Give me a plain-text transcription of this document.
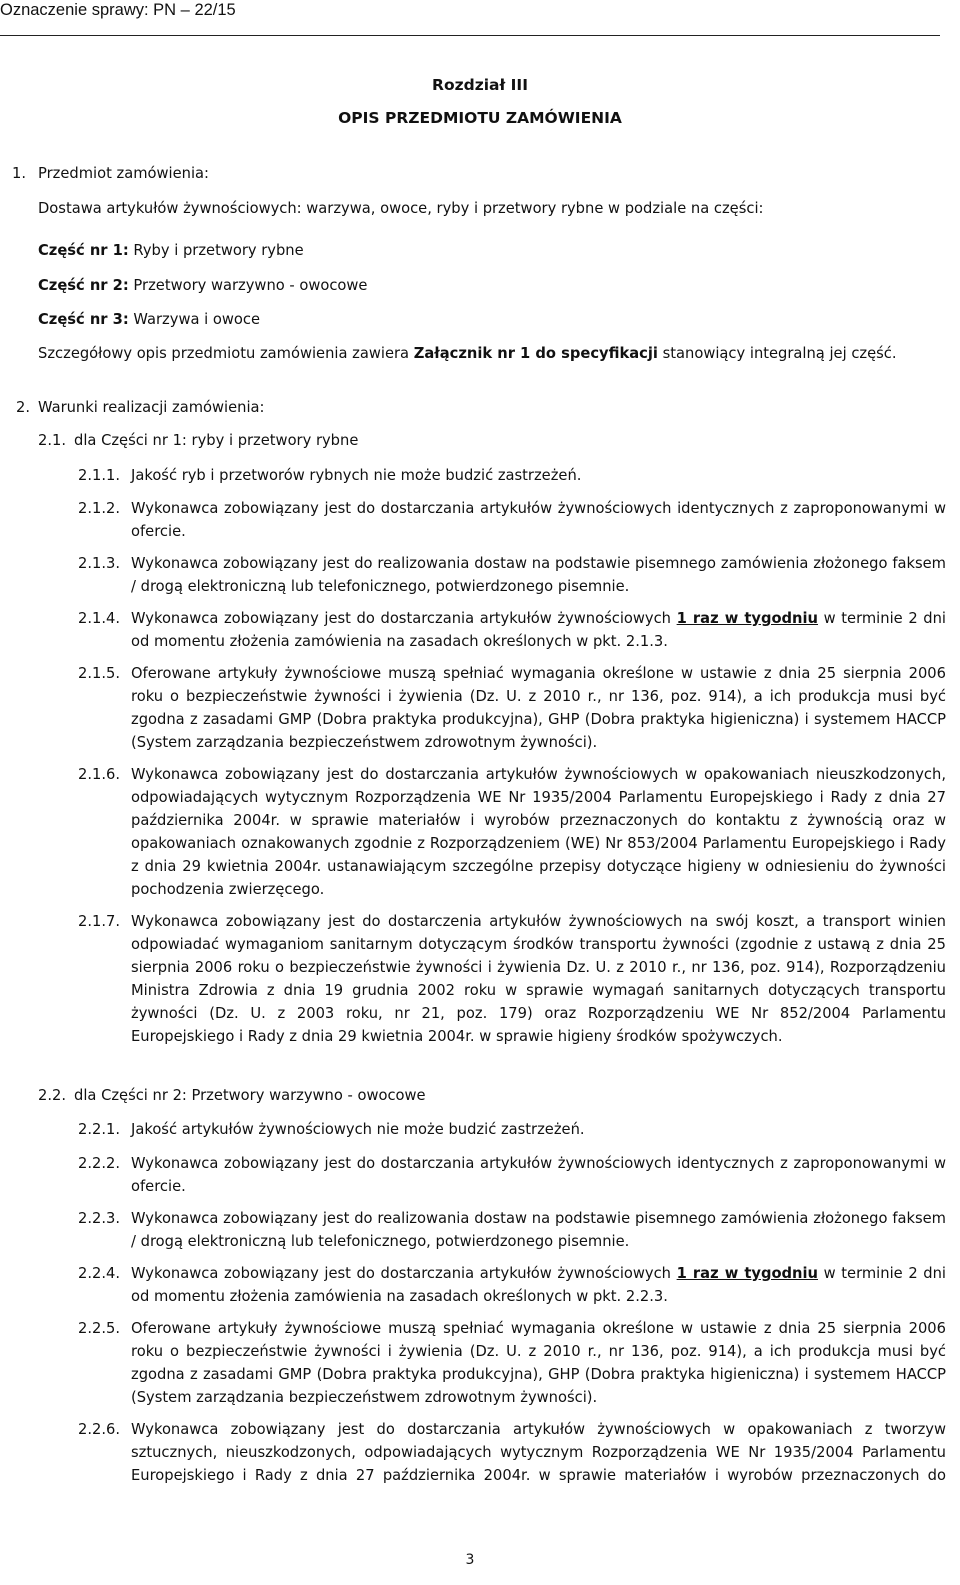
Oznaczenie sprawy: PN – 22/15
Rozdział III
OPIS PRZEDMIOTU ZAMÓWIENIA
1. Przedmiot zamówienia:
Dostawa artykułów żywnościowych: warzywa, owoce, ryby i przetwory rybne w podziale na części:
Część nr 1: Ryby i przetwory rybne
Część nr 2: Przetwory warzywno - owocowe
Część nr 3: Warzywa i owoce
Szczegółowy opis przedmiotu zamówienia zawiera Załącznik nr 1 do specyfikacji stanowiący integralną jej część.
2. Warunki realizacji zamówienia:
2.1. dla Części nr 1: ryby i przetwory rybne
2.1.1. Jakość ryb i przetworów rybnych nie może budzić zastrzeżeń.
2.1.2. Wykonawca zobowiązany jest do dostarczania artykułów żywnościowych identycznych z zaproponowanymi w ofercie.
2.1.3. Wykonawca zobowiązany jest do realizowania dostaw na podstawie pisemnego zamówienia złożonego faksem / drogą elektroniczną lub telefonicznego, potwierdzonego pisemnie.
2.1.4. Wykonawca zobowiązany jest do dostarczania artykułów żywnościowych 1 raz w tygodniu w terminie 2 dni od momentu złożenia zamówienia na zasadach określonych w pkt. 2.1.3.
2.1.5. Oferowane artykuły żywnościowe muszą spełniać wymagania określone w ustawie z dnia 25 sierpnia 2006 roku o bezpieczeństwie żywności i żywienia (Dz. U. z 2010 r., nr 136, poz. 914), a ich produkcja musi być zgodna z zasadami GMP (Dobra praktyka produkcyjna), GHP (Dobra praktyka higieniczna) i systemem HACCP (System zarządzania bezpieczeństwem zdrowotnym żywności).
2.1.6. Wykonawca zobowiązany jest do dostarczania artykułów żywnościowych w opakowaniach nieuszkodzonych, odpowiadających wytycznym Rozporządzenia WE Nr 1935/2004 Parlamentu Europejskiego i Rady z dnia 27 października 2004r. w sprawie materiałów i wyrobów przeznaczonych do kontaktu z żywnością oraz w opakowaniach oznakowanych zgodnie z Rozporządzeniem (WE) Nr 853/2004 Parlamentu Europejskiego i Rady z dnia 29 kwietnia 2004r. ustanawiającym szczególne przepisy dotyczące higieny w odniesieniu do żywności pochodzenia zwierzęcego.
2.1.7. Wykonawca zobowiązany jest do dostarczenia artykułów żywnościowych na swój koszt, a transport winien odpowiadać wymaganiom sanitarnym dotyczącym środków transportu żywności (zgodnie z ustawą z dnia 25 sierpnia 2006 roku o bezpieczeństwie żywności i żywienia Dz. U. z 2010 r., nr 136, poz. 914), Rozporządzeniu Ministra Zdrowia z dnia 19 grudnia 2002 roku w sprawie wymagań sanitarnych dotyczących transportu żywności (Dz. U. z 2003 roku, nr 21, poz. 179) oraz Rozporządzeniu WE Nr 852/2004 Parlamentu Europejskiego i Rady z dnia 29 kwietnia 2004r. w sprawie higieny środków spożywczych.
2.2. dla Części nr 2: Przetwory warzywno - owocowe
2.2.1. Jakość artykułów żywnościowych nie może budzić zastrzeżeń.
2.2.2. Wykonawca zobowiązany jest do dostarczania artykułów żywnościowych identycznych z zaproponowanymi w ofercie.
2.2.3. Wykonawca zobowiązany jest do realizowania dostaw na podstawie pisemnego zamówienia złożonego faksem / drogą elektroniczną lub telefonicznego, potwierdzonego pisemnie.
2.2.4. Wykonawca zobowiązany jest do dostarczania artykułów żywnościowych 1 raz w tygodniu w terminie 2 dni od momentu złożenia zamówienia na zasadach określonych w pkt. 2.2.3.
2.2.5. Oferowane artykuły żywnościowe muszą spełniać wymagania określone w ustawie z dnia 25 sierpnia 2006 roku o bezpieczeństwie żywności i żywienia (Dz. U. z 2010 r., nr 136, poz. 914), a ich produkcja musi być zgodna z zasadami GMP (Dobra praktyka produkcyjna), GHP (Dobra praktyka higieniczna) i systemem HACCP (System zarządzania bezpieczeństwem zdrowotnym żywności).
2.2.6. Wykonawca zobowiązany jest do dostarczania artykułów żywnościowych w opakowaniach z tworzyw sztucznych, nieuszkodzonych, odpowiadających wytycznym Rozporządzenia WE Nr 1935/2004 Parlamentu Europejskiego i Rady z dnia 27 października 2004r. w sprawie materiałów i wyrobów przeznaczonych do
3
